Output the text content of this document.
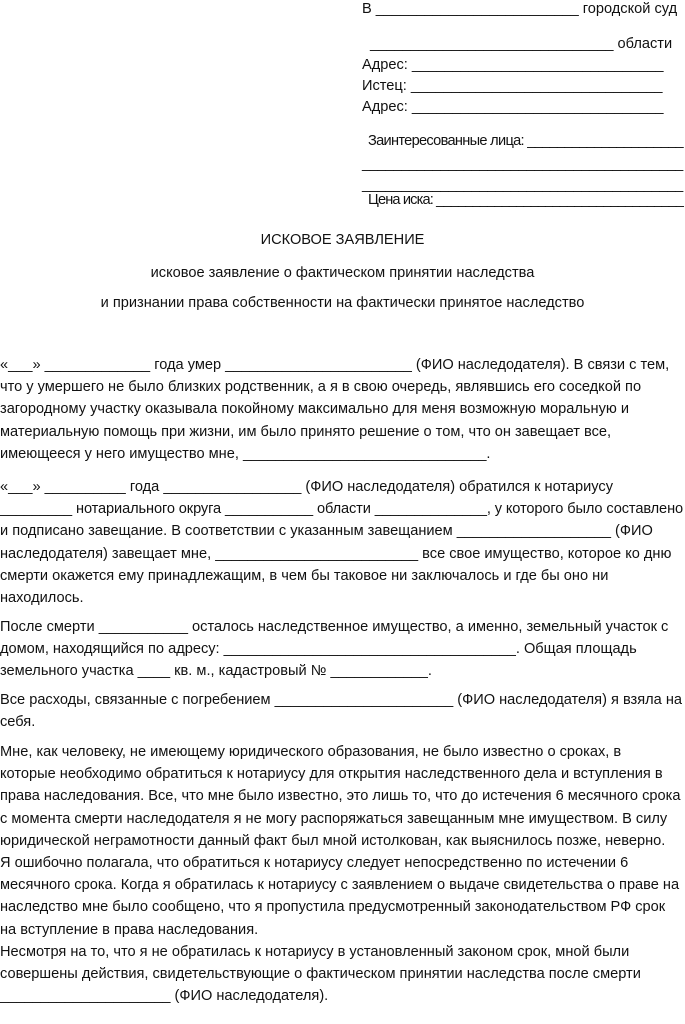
В _________________________ городской суд
______________________________ области
Адрес: _______________________________
Истец: _______________________________
Адрес: _______________________________
Заинтересованные лица: _____________________
_________________________________________
_________________________________________
Цена иска: __________________________________
ИСКОВОЕ ЗАЯВЛЕНИЕ
исковое заявление о фактическом принятии наследства
и признании права собственности на фактически принятое наследство
«___» _____________ года умер _______________________ (ФИО наследодателя). В связи с тем,
что у умершего не было близких родственник, а я в свою очередь, являвшись его соседкой по
загородному участку оказывала покойному максимально для меня возможную моральную и
материальную помощь при жизни, им было принято решение о том, что он завещает все,
имеющееся у него имущество мне, ______________________________.
«___» __________ года _________________ (ФИО наследодателя) обратился к нотариусу
_________ нотариального округа ___________ области ______________, у которого было составлено
и подписано завещание. В соответствии с указанным завещанием ___________________ (ФИО
наследодателя) завещает мне, _________________________ все свое имущество, которое ко дню
смерти окажется ему принадлежащим, в чем бы таковое ни заключалось и где бы оно ни
находилось.
После смерти ___________ осталось наследственное имущество, а именно, земельный участок с
домом, находящийся по адресу: ____________________________________. Общая площадь
земельного участка ____ кв. м., кадастровый № ____________.
Все расходы, связанные с погребением ______________________ (ФИО наследодателя) я взяла на
себя.
Мне, как человеку, не имеющему юридического образования, не было известно о сроках, в
которые необходимо обратиться к нотариусу для открытия наследственного дела и вступления в
права наследования. Все, что мне было известно, это лишь то, что до истечения 6 месячного срока
с момента смерти наследодателя я не могу распоряжаться завещанным мне имуществом. В силу
юридической неграмотности данный факт был мной истолкован, как выяснилось позже, неверно.
Я ошибочно полагала, что обратиться к нотариусу следует непосредственно по истечении 6
месячного срока. Когда я обратилась к нотариусу с заявлением о выдаче свидетельства о праве на
наследство мне было сообщено, что я пропустила предусмотренный законодательством РФ срок
на вступление в права наследования.
Несмотря на то, что я не обратилась к нотариусу в установленный законом срок, мной были
совершены действия, свидетельствующие о фактическом принятии наследства после смерти
_____________________ (ФИО наследодателя).
